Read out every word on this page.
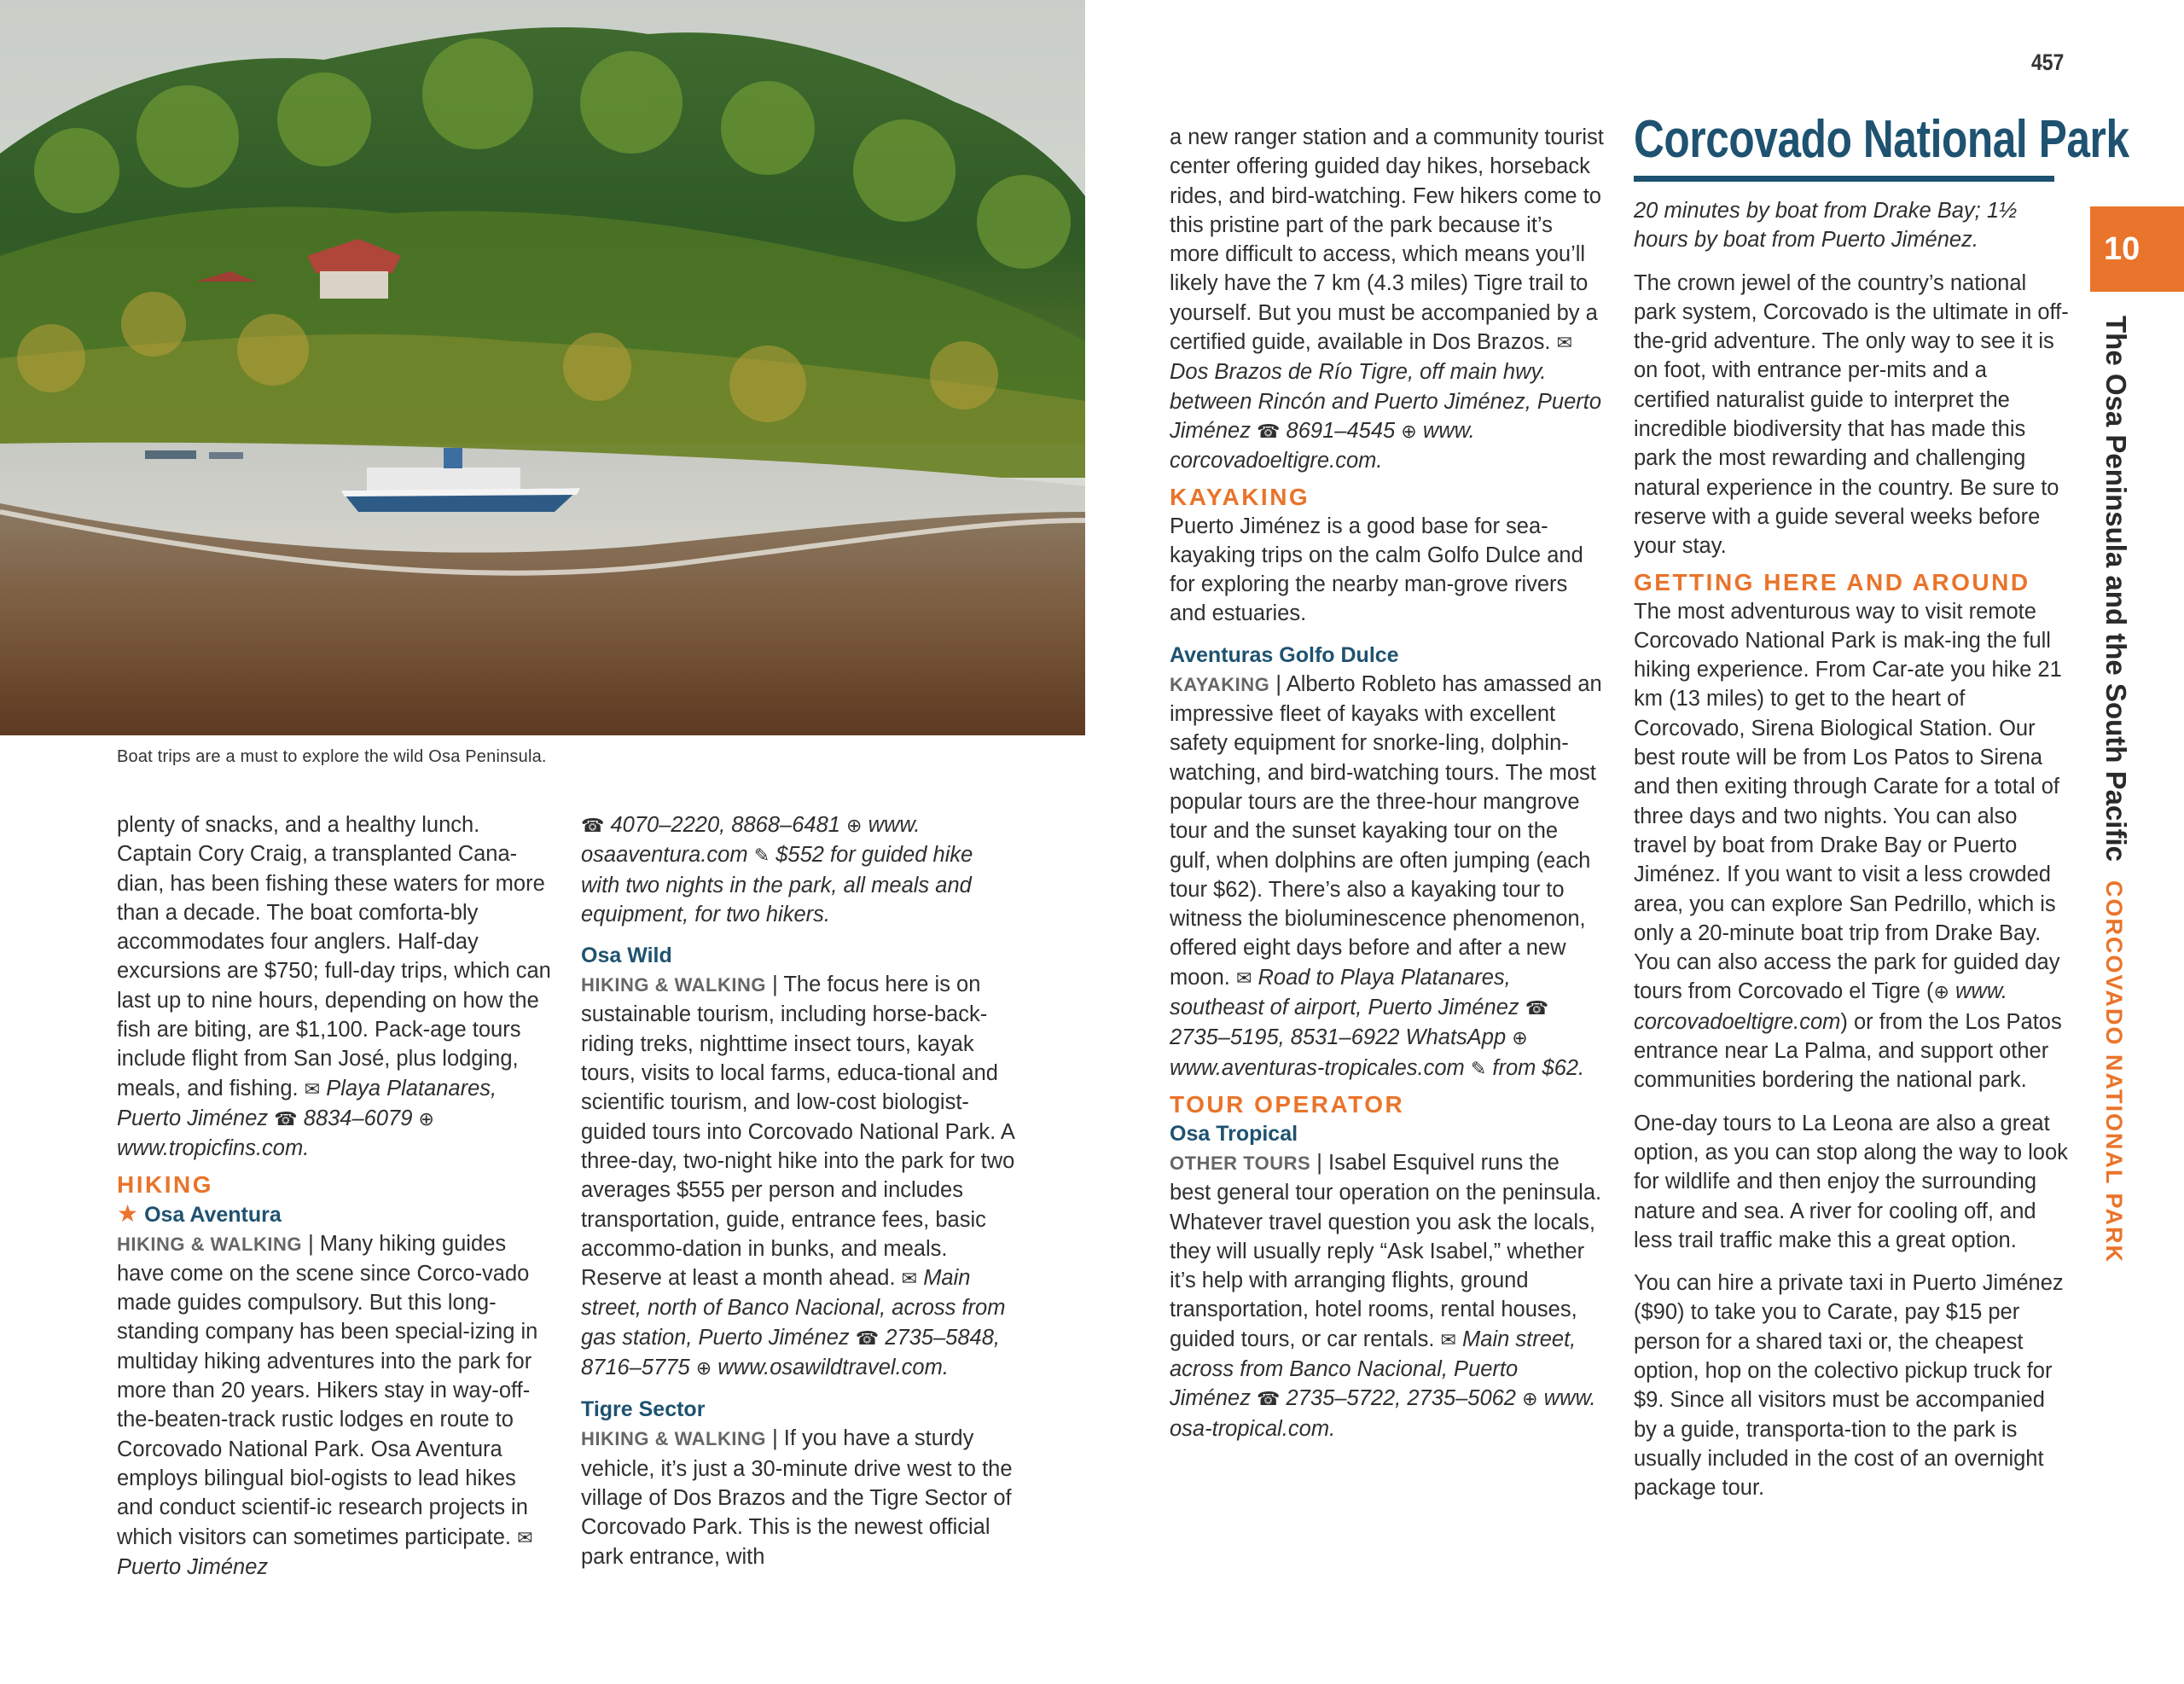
Boat trips are a must to explore the wild Osa Peninsula.
457
10
The Osa Peninsula and the South PacificCORCOVADO NATIONAL PARK

plenty of snacks, and a healthy lunch. Captain Cory Craig, a transplanted Cana-dian, has been fishing these waters for more than a decade. The boat comforta-bly accommodates four anglers. Half-day excursions are $750; full-day trips, which can last up to nine hours, depending on how the fish are biting, are $1,100. Pack-age tours include flight from San José, plus lodging, meals, and fishing. ✉ Playa Platanares, Puerto Jiménez ☎ 8834–6079 ⊕ www.tropicfins.com.

HIKING
★ Osa Aventura

HIKING & WALKING | Many hiking guides have come on the scene since Corco-vado made guides compulsory. But this long-standing company has been special-izing in multiday hiking adventures into the park for more than 20 years. Hikers stay in way-off-the-beaten-track rustic lodges en route to Corcovado National Park. Osa Aventura employs bilingual biol-ogists to lead hikes and conduct scientif-ic research projects in which visitors can sometimes participate. ✉ Puerto Jiménez

☎ 4070–2220, 8868–6481 ⊕ www. osaaventura.com ✎ $552 for guided hike with two nights in the park, all meals and equipment, for two hikers.

Osa Wild

HIKING & WALKING | The focus here is on sustainable tourism, including horse-back-riding treks, nighttime insect tours, kayak tours, visits to local farms, educa-tional and scientific tourism, and low-cost biologist-guided tours into Corcovado National Park. A three-day, two-night hike into the park for two averages $555 per person and includes transportation, guide, entrance fees, basic accommo-dation in bunks, and meals. Reserve at least a month ahead. ✉ Main street, north of Banco Nacional, across from gas station, Puerto Jiménez ☎ 2735–5848, 8716–5775 ⊕ www.osawildtravel.com.

Tigre Sector

HIKING & WALKING | If you have a sturdy vehicle, it’s just a 30-minute drive west to the village of Dos Brazos and the Tigre Sector of Corcovado Park. This is the newest official park entrance, with

a new ranger station and a community tourist center offering guided day hikes, horseback rides, and bird-watching. Few hikers come to this pristine part of the park because it’s more difficult to access, which means you’ll likely have the 7 km (4.3 miles) Tigre trail to yourself. But you must be accompanied by a certified guide, available in Dos Brazos. ✉ Dos Brazos de Río Tigre, off main hwy. between Rincón and Puerto Jiménez, Puerto Jiménez ☎ 8691–4545 ⊕ www. corcovadoeltigre.com.

KAYAKING

Puerto Jiménez is a good base for sea-kayaking trips on the calm Golfo Dulce and for exploring the nearby man-grove rivers and estuaries.

Aventuras Golfo Dulce

KAYAKING | Alberto Robleto has amassed an impressive fleet of kayaks with excellent safety equipment for snorke-ling, dolphin-watching, and bird-watching tours. The most popular tours are the three-hour mangrove tour and the sunset kayaking tour on the gulf, when dolphins are often jumping (each tour $62). There’s also a kayaking tour to witness the bioluminescence phenomenon, offered eight days before and after a new moon. ✉ Road to Playa Platanares, southeast of airport, Puerto Jiménez ☎ 2735–5195, 8531–6922 WhatsApp ⊕ www.aventuras-tropicales.com ✎ from $62.

TOUR OPERATOR
Osa Tropical

OTHER TOURS | Isabel Esquivel runs the best general tour operation on the peninsula. Whatever travel question you ask the locals, they will usually reply “Ask Isabel,” whether it’s help with arranging flights, ground transportation, hotel rooms, rental houses, guided tours, or car rentals. ✉ Main street, across from Banco Nacional, Puerto Jiménez ☎ 2735–5722, 2735–5062 ⊕ www. osa-tropical.com.

Corcovado National Park

20 minutes by boat from Drake Bay; 1½ hours by boat from Puerto Jiménez.

The crown jewel of the country’s national park system, Corcovado is the ultimate in off-the-grid adventure. The only way to see it is on foot, with entrance per-mits and a certified naturalist guide to interpret the incredible biodiversity that has made this park the most rewarding and challenging natural experience in the country. Be sure to reserve with a guide several weeks before your stay.

GETTING HERE AND AROUND

The most adventurous way to visit remote Corcovado National Park is mak-ing the full hiking experience. From Car-ate you hike 21 km (13 miles) to get to the heart of Corcovado, Sirena Biological Station. Our best route will be from Los Patos to Sirena and then exiting through Carate for a total of three days and two nights. You can also travel by boat from Drake Bay or Puerto Jiménez. If you want to visit a less crowded area, you can explore San Pedrillo, which is only a 20-minute boat trip from Drake Bay. You can also access the park for guided day tours from Corcovado el Tigre (⊕ www. corcovadoeltigre.com) or from the Los Patos entrance near La Palma, and support other communities bordering the national park.

One-day tours to La Leona are also a great option, as you can stop along the way to look for wildlife and then enjoy the surrounding nature and sea. A river for cooling off, and less trail traffic make this a great option.

You can hire a private taxi in Puerto Jiménez ($90) to take you to Carate, pay $15 per person for a shared taxi or, the cheapest option, hop on the colectivo pickup truck for $9. Since all visitors must be accompanied by a guide, transporta-tion to the park is usually included in the cost of an overnight package tour.
